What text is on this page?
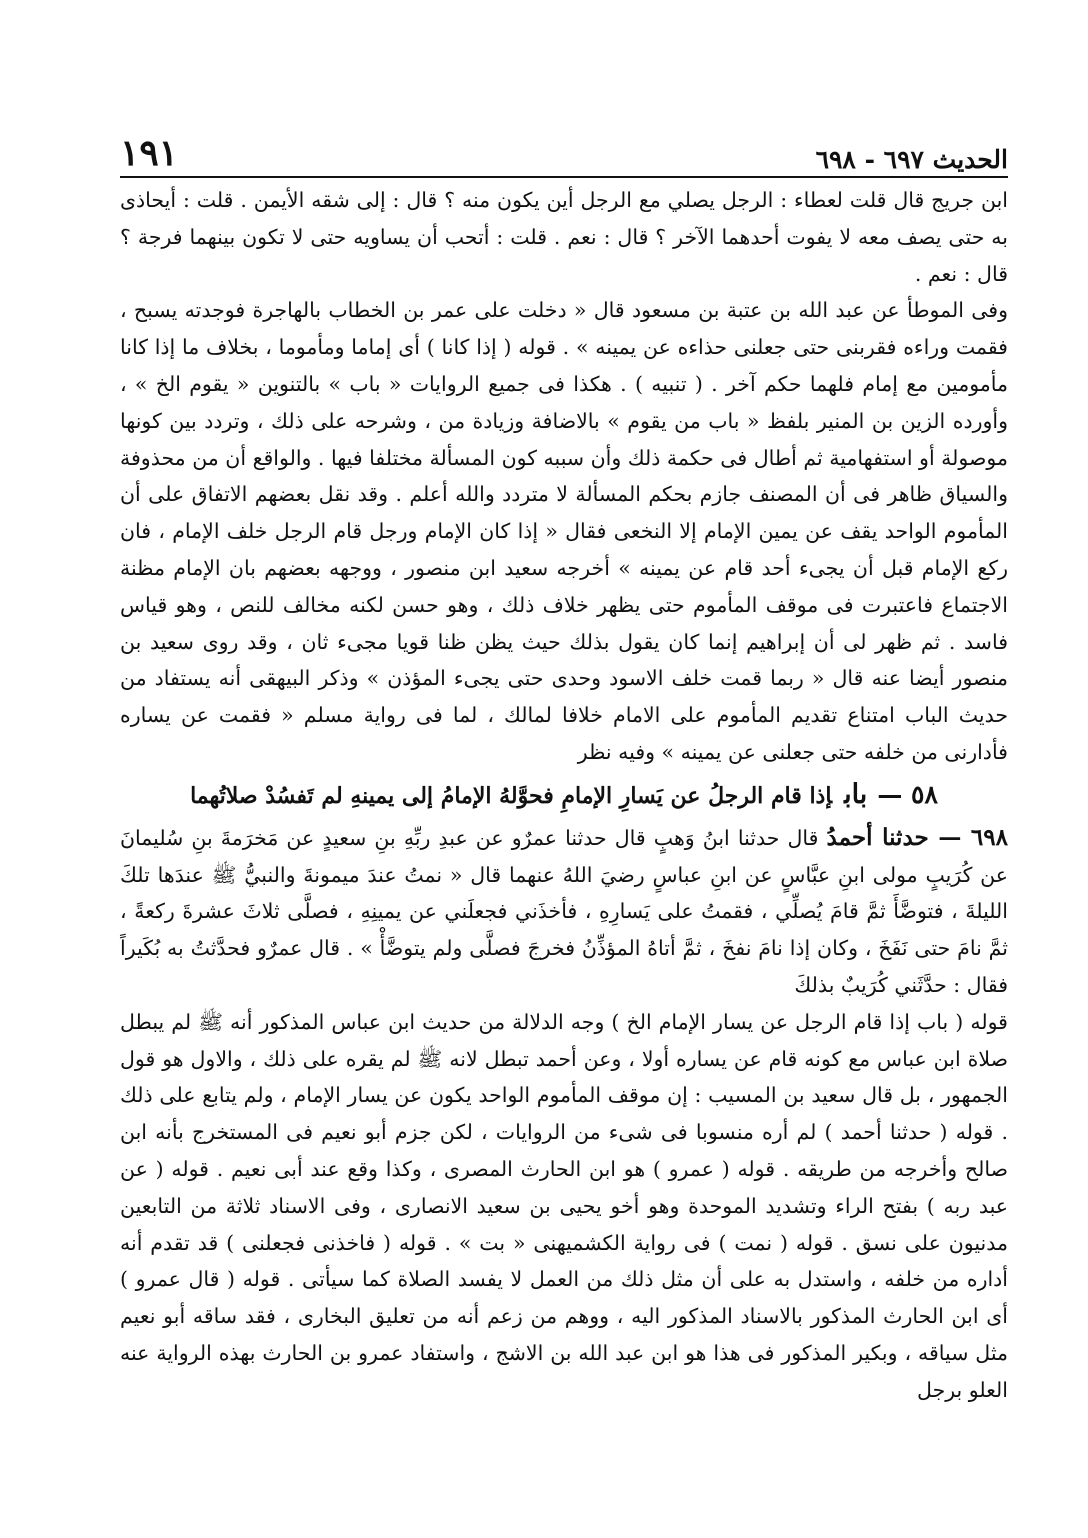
الحديث ٦٩٧ - ٦٩٨
١٩١

ابن جريج قال قلت لعطاء : الرجل يصلي مع الرجل أين يكون منه ؟ قال : إلى شقه الأيمن . قلت : أيحاذى به حتى يصف معه لا يفوت أحدهما الآخر ؟ قال : نعم . قلت : أتحب أن يساويه حتى لا تكون بينهما فرجة ؟ قال : نعم .

وفى الموطأ عن عبد الله بن عتبة بن مسعود قال « دخلت على عمر بن الخطاب بالهاجرة فوجدته يسبح ، فقمت وراءه فقربنى حتى جعلنى حذاءه عن يمينه » . قوله ( إذا كانا ) أى إماما ومأموما ، بخلاف ما إذا كانا مأمومين مع إمام فلهما حكم آخر . ( تنبيه ) . هكذا فى جميع الروايات « باب » بالتنوين « يقوم الخ » ، وأورده الزين بن المنير بلفظ « باب من يقوم » بالاضافة وزيادة من ، وشرحه على ذلك ، وتردد بين كونها موصولة أو استفهامية ثم أطال فى حكمة ذلك وأن سببه كون المسألة مختلفا فيها . والواقع أن من محذوفة والسياق ظاهر فى أن المصنف جازم بحكم المسألة لا متردد والله أعلم . وقد نقل بعضهم الاتفاق على أن المأموم الواحد يقف عن يمين الإمام إلا النخعى فقال « إذا كان الإمام ورجل قام الرجل خلف الإمام ، فان ركع الإمام قبل أن يجىء أحد قام عن يمينه » أخرجه سعيد ابن منصور ، ووجهه بعضهم بان الإمام مظنة الاجتماع فاعتبرت فى موقف المأموم حتى يظهر خلاف ذلك ، وهو حسن لكنه مخالف للنص ، وهو قياس فاسد . ثم ظهر لى أن إبراهيم إنما كان يقول بذلك حيث يظن ظنا قويا مجىء ثان ، وقد روى سعيد بن منصور أيضا عنه قال « ربما قمت خلف الاسود وحدى حتى يجىء المؤذن » وذكر البيهقى أنه يستفاد من حديث الباب امتناع تقديم المأموم على الامام خلافا لمالك ، لما فى رواية مسلم « فقمت عن يساره فأدارنى من خلفه حتى جعلنى عن يمينه » وفيه نظر

٥٨ —بابإذا قام الرجلُ عن يَسارِ الإمامِ فحوَّلهُ الإمامُ إلى يمينهِ لم تَفسُدْ صلاتُهما

٦٩٨ — حدثنا أحمدُ قال حدثنا ابنُ وَهبٍ قال حدثنا عمرٌو عن عبدِ ربِّهِ بنِ سعيدٍ عن مَخرَمةَ بنِ سُليمانَ عن كُرَيبٍ مولى ابنِ عبَّاسٍ عن ابنِ عباسٍ رضيَ اللهُ عنهما قال « نمتُ عندَ ميمونةَ والنبيُّ ﷺ عندَها تلكَ الليلةَ ، فتوضَّأَ ثمَّ قامَ يُصلِّي ، فقمتُ على يَسارِهِ ، فأخذَني فجعلَني عن يمينِهِ ، فصلَّى ثلاثَ عشرةَ ركعةً ، ثمَّ نامَ حتى نَفَخَ ، وكان إذا نامَ نفخَ ، ثمَّ أتاهُ المؤذِّنُ فخرجَ فصلَّى ولم يتوضَّأْ » . قال عمرٌو فحدَّثتُ به بُكَيراً فقال : حدَّثَني كُرَيبٌ بذلكَ

قوله ( باب إذا قام الرجل عن يسار الإمام الخ ) وجه الدلالة من حديث ابن عباس المذكور أنه ﷺ لم يبطل صلاة ابن عباس مع كونه قام عن يساره أولا ، وعن أحمد تبطل لانه ﷺ لم يقره على ذلك ، والاول هو قول الجمهور ، بل قال سعيد بن المسيب : إن موقف المأموم الواحد يكون عن يسار الإمام ، ولم يتابع على ذلك . قوله ( حدثنا أحمد ) لم أره منسوبا فى شىء من الروايات ، لكن جزم أبو نعيم فى المستخرج بأنه ابن صالح وأخرجه من طريقه . قوله ( عمرو ) هو ابن الحارث المصرى ، وكذا وقع عند أبى نعيم . قوله ( عن عبد ربه ) بفتح الراء وتشديد الموحدة وهو أخو يحيى بن سعيد الانصارى ، وفى الاسناد ثلاثة من التابعين مدنيون على نسق . قوله ( نمت ) فى رواية الكشميهنى « بت » . قوله ( فاخذنى فجعلنى ) قد تقدم أنه أداره من خلفه ، واستدل به على أن مثل ذلك من العمل لا يفسد الصلاة كما سيأتى . قوله ( قال عمرو ) أى ابن الحارث المذكور بالاسناد المذكور اليه ، ووهم من زعم أنه من تعليق البخارى ، فقد ساقه أبو نعيم مثل سياقه ، وبكير المذكور فى هذا هو ابن عبد الله بن الاشج ، واستفاد عمرو بن الحارث بهذه الرواية عنه العلو برجل
